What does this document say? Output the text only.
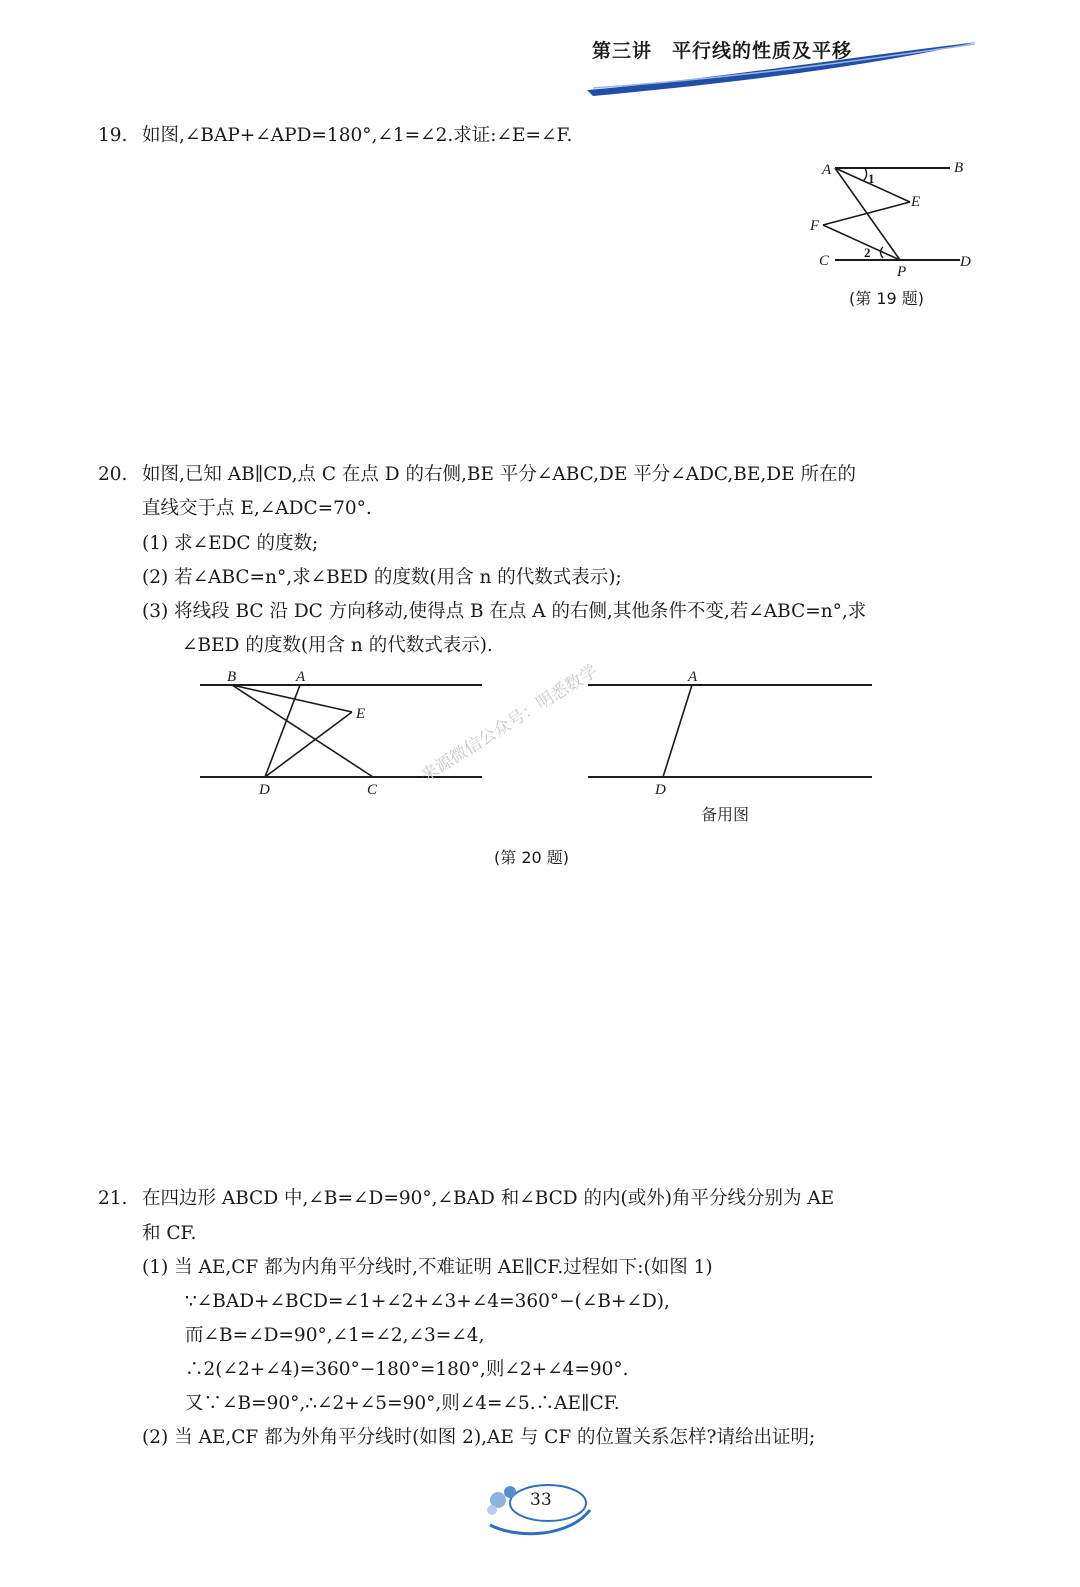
第三讲　平行线的性质及平移
19. 如图,∠BAP+∠APD=180°,∠1=∠2.求证:∠E=∠F.
A	B
E
F
C	D
P
1
2
(第 19 题)
20. 如图,已知 AB∥CD,点 C 在点 D 的右侧,BE 平分∠ABC,DE 平分∠ADC,BE,DE 所在的
直线交于点 E,∠ADC=70°.
(1) 求∠EDC 的度数;
(2) 若∠ABC=n°,求∠BED 的度数(用含 n 的代数式表示);
(3) 将线段 BC 沿 DC 方向移动,使得点 B 在点 A 的右侧,其他条件不变,若∠ABC=n°,求
∠BED 的度数(用含 n 的代数式表示).
B	A
E
D	C
A
D
备用图
(第 20 题)
来源微信公众号：明悉数学
21. 在四边形 ABCD 中,∠B=∠D=90°,∠BAD 和∠BCD 的内(或外)角平分线分别为 AE
和 CF.
(1) 当 AE,CF 都为内角平分线时,不难证明 AE∥CF.过程如下:(如图 1)
∵∠BAD+∠BCD=∠1+∠2+∠3+∠4=360°−(∠B+∠D),
而∠B=∠D=90°,∠1=∠2,∠3=∠4,
∴2(∠2+∠4)=360°−180°=180°,则∠2+∠4=90°.
又∵∠B=90°,∴∠2+∠5=90°,则∠4=∠5.∴AE∥CF.
(2) 当 AE,CF 都为外角平分线时(如图 2),AE 与 CF 的位置关系怎样?请给出证明;
33
